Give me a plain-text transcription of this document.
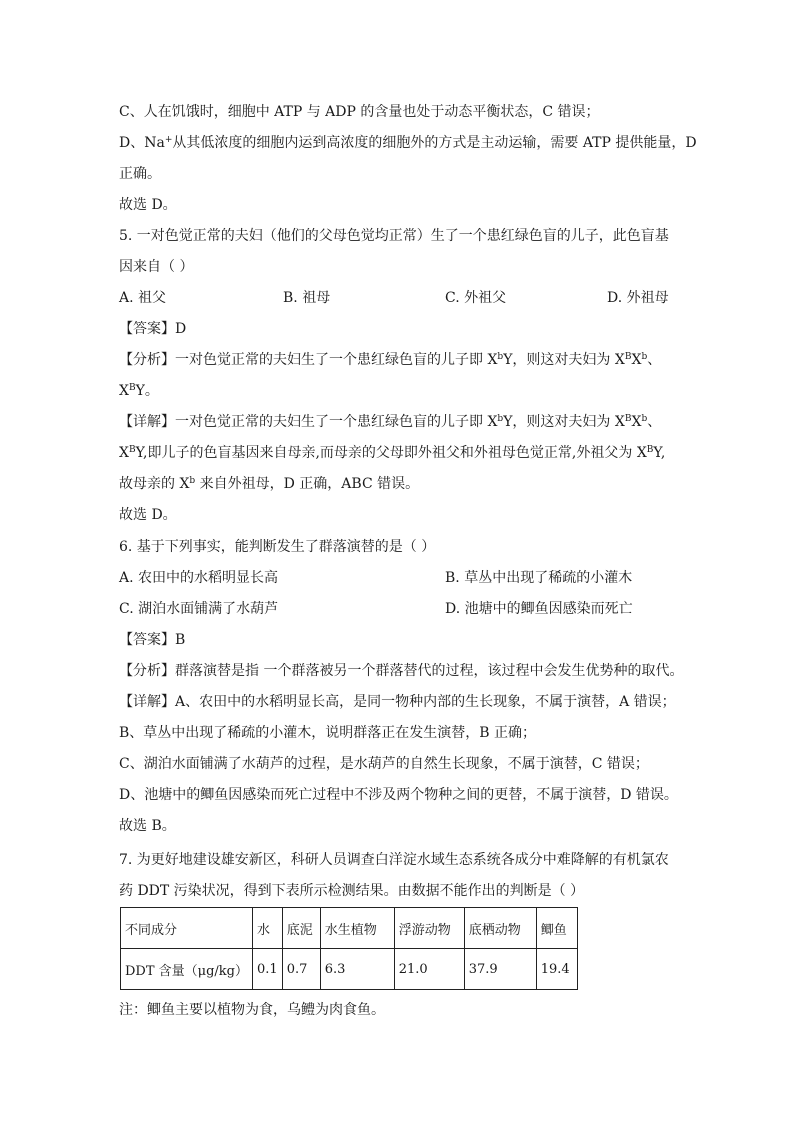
C、人在饥饿时，细胞中 ATP 与 ADP 的含量也处于动态平衡状态，C 错误；
D、Na+从其低浓度的细胞内运到高浓度的细胞外的方式是主动运输，需要 ATP 提供能量，D
正确。
故选 D。
5. 一对色觉正常的夫妇（他们的父母色觉均正常）生了一个患红绿色盲的儿子，此色盲基
因来自（ ）
A. 祖父	B. 祖母	C. 外祖父	D. 外祖母
【答案】D
【分析】一对色觉正常的夫妇生了一个患红绿色盲的儿子即 $X^bY$，则这对夫妇为 $X^BX^b$、
$X^BY$。
【详解】一对色觉正常的夫妇生了一个患红绿色盲的儿子即 $X^bY$，则这对夫妇为 $X^BX^b$、
$X^BY$,即儿子的色盲基因来自母亲,而母亲的父母即外祖父和外祖母色觉正常,外祖父为 $X^BY$,
故母亲的 $X^b$ 来自外祖母，D 正确，ABC 错误。
故选 D。
6. 基于下列事实，能判断发生了群落演替的是（ ）
A. 农田中的水稻明显长高	B. 草丛中出现了稀疏的小灌木
C. 湖泊水面铺满了水葫芦	D. 池塘中的鲫鱼因感染而死亡
【答案】B
【分析】群落演替是指 一个群落被另一个群落替代的过程，该过程中会发生优势种的取代。
【详解】A、农田中的水稻明显长高，是同一物种内部的生长现象，不属于演替，A 错误；
B、草丛中出现了稀疏的小灌木，说明群落正在发生演替，B 正确；
C、湖泊水面铺满了水葫芦的过程，是水葫芦的自然生长现象，不属于演替，C 错误；
D、池塘中的鲫鱼因感染而死亡过程中不涉及两个物种之间的更替，不属于演替，D 错误。
故选 B。
7. 为更好地建设雄安新区，科研人员调查白洋淀水域生态系统各成分中难降解的有机氯农
药 DDT 污染状况，得到下表所示检测结果。由数据不能作出的判断是（ ）
不同成分	水	底泥	水生植物	浮游动物	底栖动物	鲫鱼
DDT 含量（μg/kg）	0.1	0.7	6.3	21.0	37.9	19.4
注：鲫鱼主要以植物为食，乌鳢为肉食鱼。
